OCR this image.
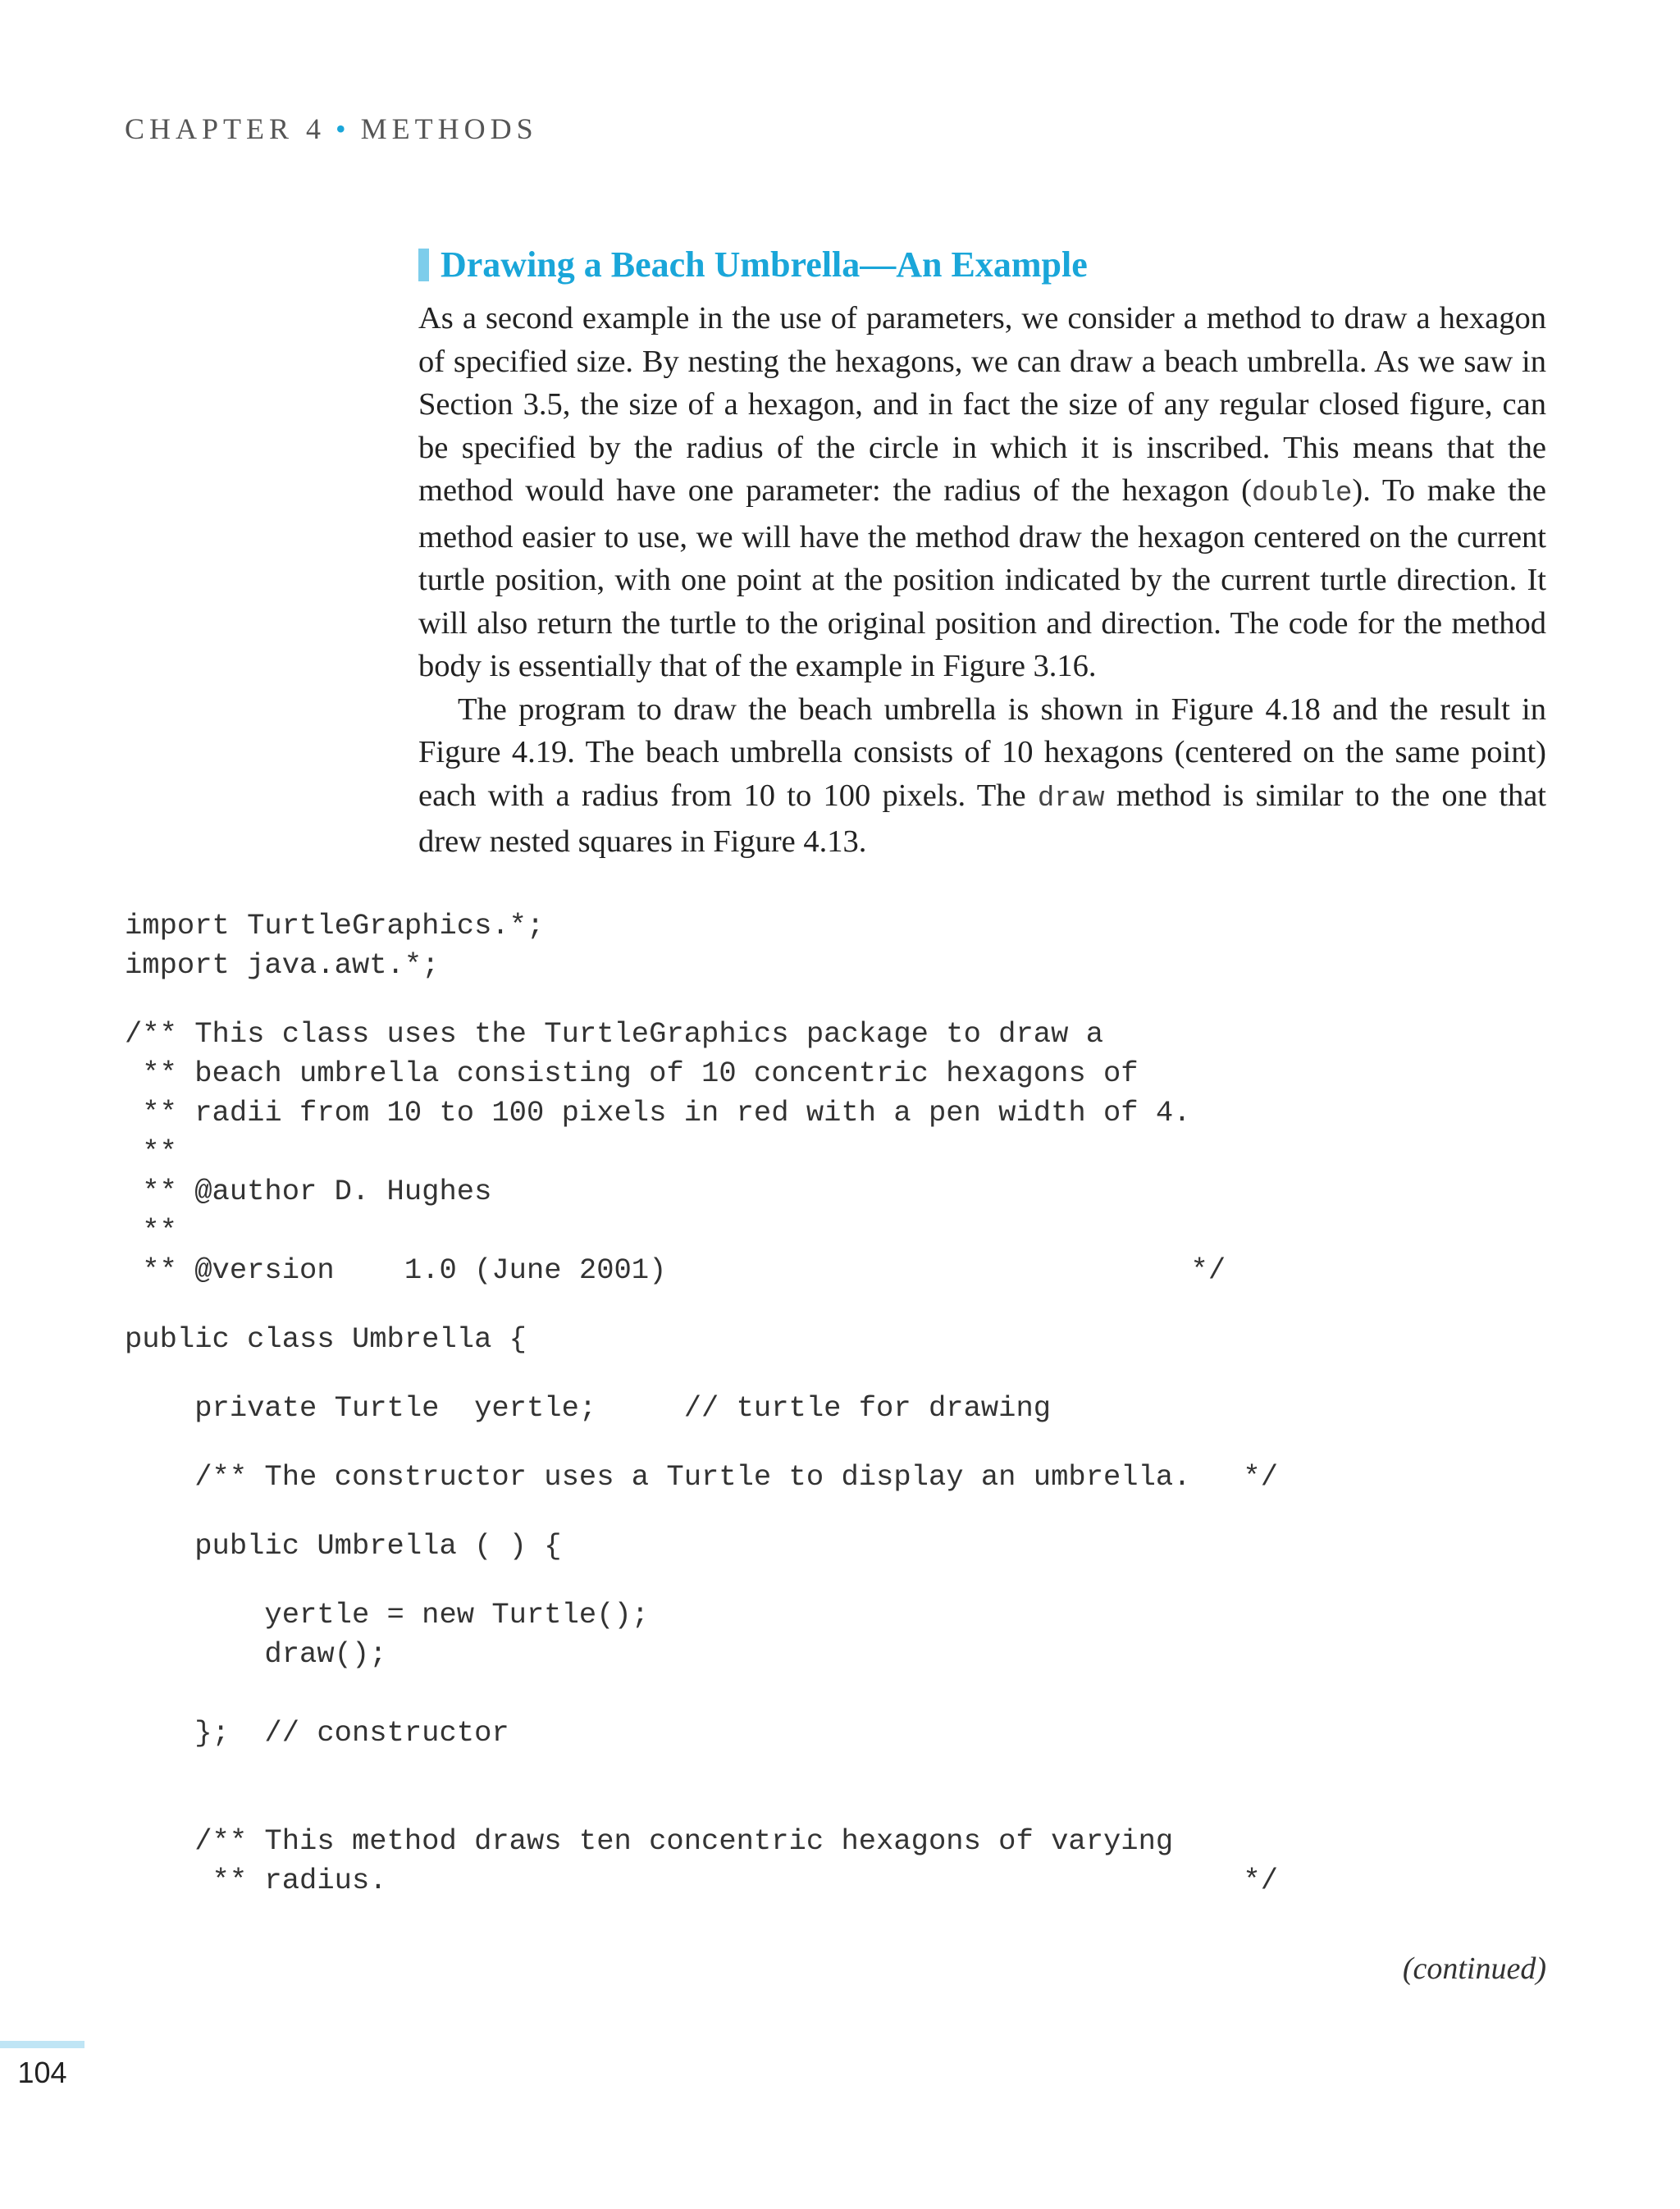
CHAPTER 4 • METHODS
Drawing a Beach Umbrella—An Example

As a second example in the use of parameters, we consider a method to draw a hexagon of specified size. By nesting the hexagons, we can draw a beach umbrella. As we saw in Section 3.5, the size of a hexagon, and in fact the size of any regular closed figure, can be specified by the radius of the circle in which it is inscribed. This means that the method would have one parameter: the radius of the hexagon (double). To make the method easier to use, we will have the method draw the hexagon centered on the current turtle position, with one point at the position indicated by the current turtle direction. It will also return the turtle to the original position and direction. The code for the method body is essentially that of the example in Figure 3.16.

The program to draw the beach umbrella is shown in Figure 4.18 and the result in Figure 4.19. The beach umbrella consists of 10 hexagons (centered on the same point) each with a radius from 10 to 100 pixels. The draw method is similar to the one that drew nested squares in Figure 4.13.

import TurtleGraphics.*;
import java.awt.*;
/** This class uses the TurtleGraphics package to draw a
** beach umbrella consisting of 10 concentric hexagons of
** radii from 10 to 100 pixels in red with a pen width of 4.
**
** @author D. Hughes
**
** @version    1.0 (June 2001)                              */
public class Umbrella {
private Turtle  yertle;     // turtle for drawing
/** The constructor uses a Turtle to display an umbrella.   */
public Umbrella ( ) {
yertle = new Turtle();
draw();
};  // constructor
/** This method draws ten concentric hexagons of varying
** radius.                                                 */
(continued)
104
